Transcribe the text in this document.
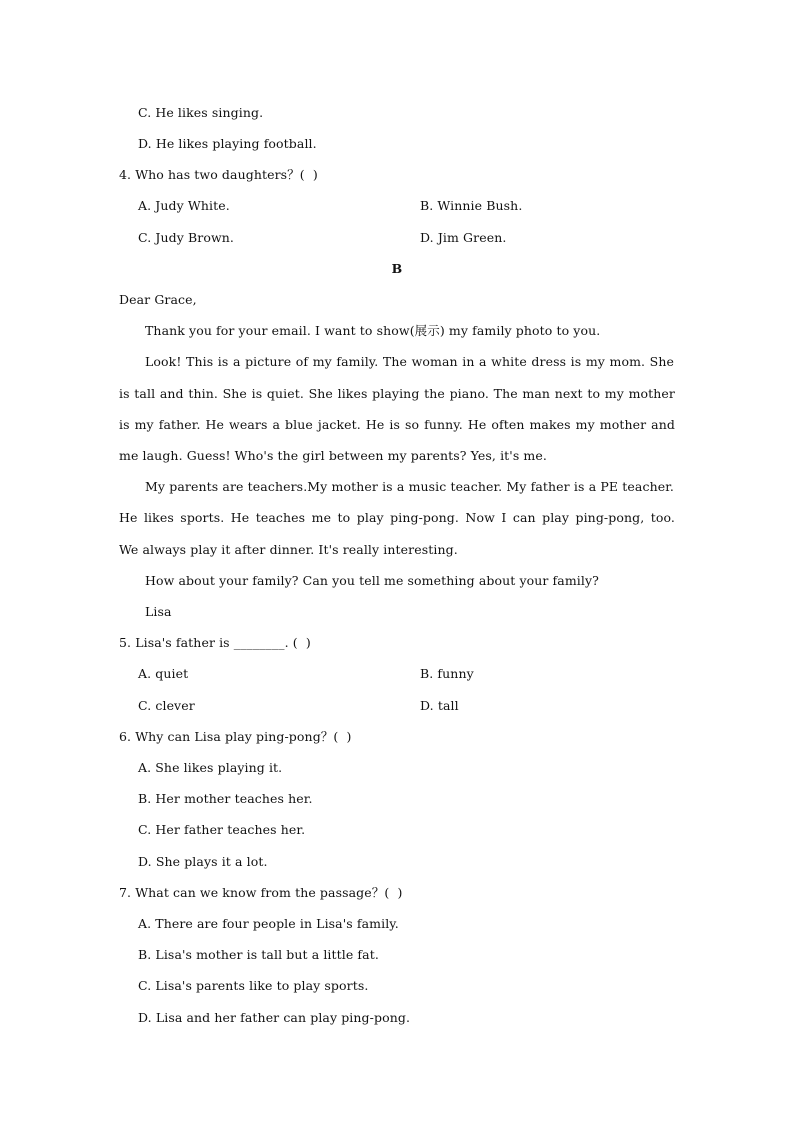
C. He likes singing.
D. He likes playing football.
4. Who has two daughters？(  )
A. Judy White.	B. Winnie Bush.
C. Judy Brown.	D. Jim Green.
B
Dear Grace,
Thank you for your email. I want to show(展示) my family photo to you.
Look! This is a picture of my family. The woman in a white dress is my mom. She
is tall and thin. She is quiet. She likes playing the piano. The man next to my mother
is my father. He wears a blue jacket. He is so funny. He often makes my mother and
me laugh. Guess! Who's the girl between my parents? Yes, it's me.
My parents are teachers.My mother is a music teacher. My father is a PE teacher.
He likes sports. He teaches me to play ping-pong. Now I can play ping-pong, too.
We always play it after dinner. It's really interesting.
How about your family? Can you tell me something about your family?
Lisa
5. Lisa's father is ________. (  )
A. quiet	B. funny
C. clever	D. tall
6. Why can Lisa play ping-pong？(  )
A. She likes playing it.
B. Her mother teaches her.
C. Her father teaches her.
D. She plays it a lot.
7. What can we know from the passage？(  )
A. There are four people in Lisa's family.
B. Lisa's mother is tall but a little fat.
C. Lisa's parents like to play sports.
D. Lisa and her father can play ping-pong.
